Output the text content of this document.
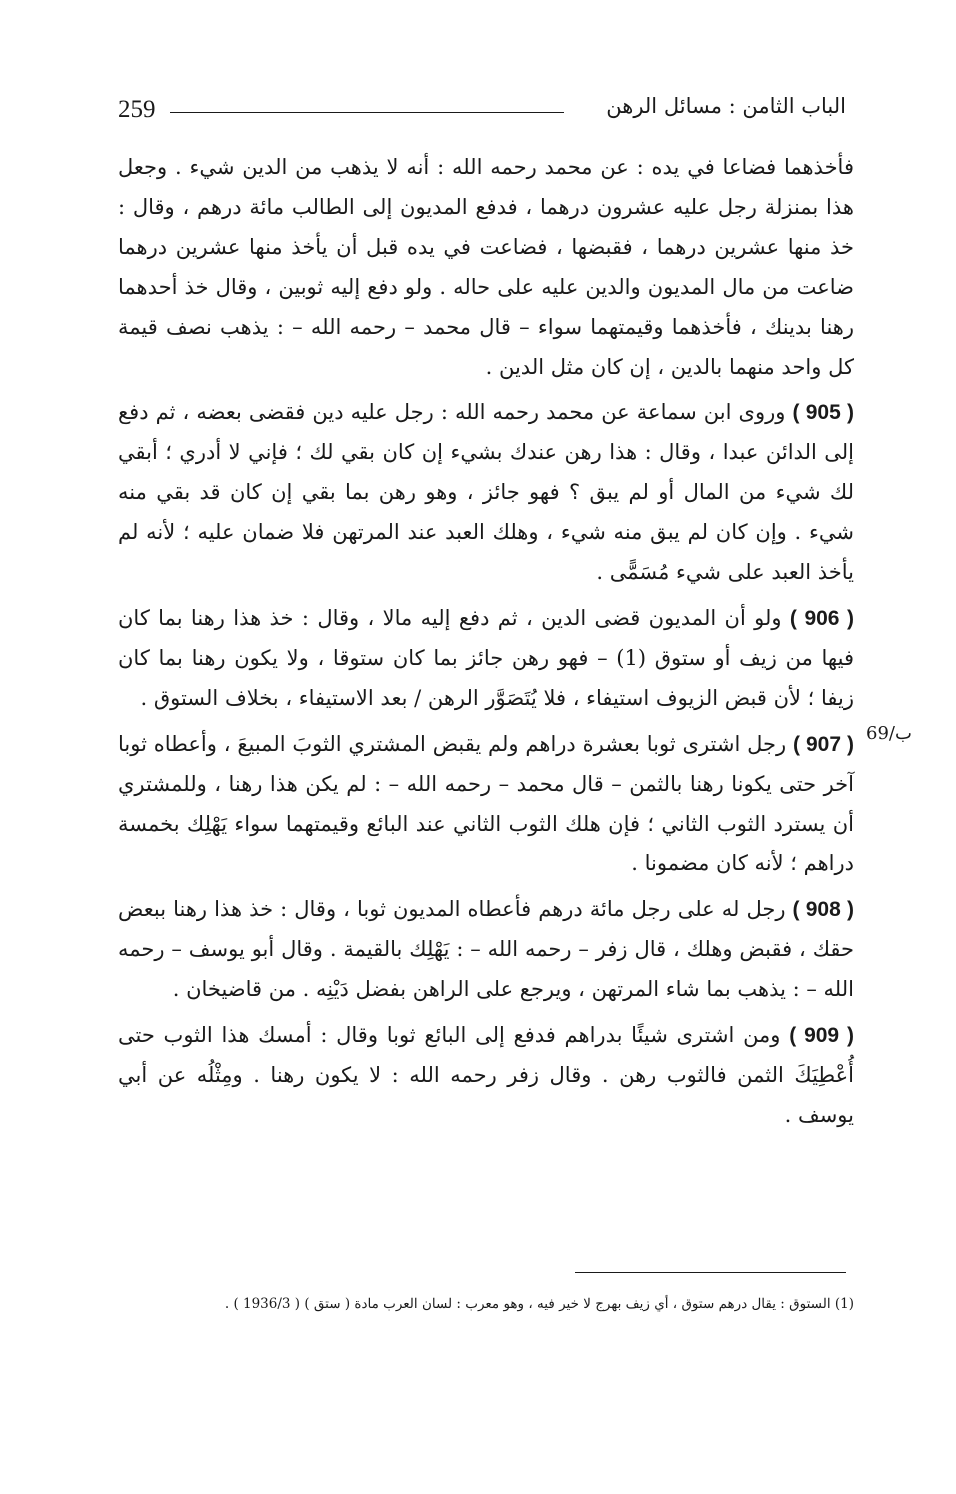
259	الباب الثامن : مسائل الرهن

فأخذهما فضاعا في يده : عن محمد رحمه الله : أنه لا يذهب من الدين شيء . وجعل هذا بمنزلة رجل عليه عشرون درهما ، فدفع المديون إلى الطالب مائة درهم ، وقال : خذ منها عشرين درهما ، فقبضها ، فضاعت في يده قبل أن يأخذ منها عشرين درهما ضاعت من مال المديون والدين عليه على حاله . ولو دفع إليه ثوبين ، وقال خذ أحدهما رهنا بدينك ، فأخذهما وقيمتهما سواء – قال محمد – رحمه الله – : يذهب نصف قيمة كل واحد منهما بالدين ، إن كان مثل الدين .

( 905 ) وروى ابن سماعة عن محمد رحمه الله : رجل عليه دين فقضى بعضه ، ثم دفع إلى الدائن عبدا ، وقال : هذا رهن عندك بشيء إن كان بقي لك ؛ فإني لا أدري ؛ أبقي لك شيء من المال أو لم يبق ؟ فهو جائز ، وهو رهن بما بقي إن كان قد بقي منه شيء . وإن كان لم يبق منه شيء ، وهلك العبد عند المرتهن فلا ضمان عليه ؛ لأنه لم يأخذ العبد على شيء مُسَمًّى .

( 906 ) ولو أن المديون قضى الدين ، ثم دفع إليه مالا ، وقال : خذ هذا رهنا بما كان فيها من زيف أو ستوق (1) – فهو رهن جائز بما كان ستوقا ، ولا يكون رهنا بما كان زيفا ؛ لأن قبض الزيوف استيفاء ، فلا يُتَصَوَّر الرهن / بعد الاستيفاء ، بخلاف الستوق .

( 907 ) رجل اشترى ثوبا بعشرة دراهم ولم يقبض المشتري الثوبَ المبيعَ ، وأعطاه ثوبا آخر حتى يكونا رهنا بالثمن – قال محمد – رحمه الله – : لم يكن هذا رهنا ، وللمشتري أن يسترد الثوب الثاني ؛ فإن هلك الثوب الثاني عند البائع وقيمتهما سواء يَهْلِك بخمسة دراهم ؛ لأنه كان مضمونا .

( 908 ) رجل له على رجل مائة درهم فأعطاه المديون ثوبا ، وقال : خذ هذا رهنا ببعض حقك ، فقبض وهلك ، قال زفر – رحمه الله – : يَهْلِك بالقيمة . وقال أبو يوسف – رحمه الله – : يذهب بما شاء المرتهن ، ويرجع على الراهن بفضل دَيْنِه . من قاضيخان .

( 909 ) ومن اشترى شيئًا بدراهم فدفع إلى البائع ثوبا وقال : أمسك هذا الثوب حتى أُعْطِيَكَ الثمن فالثوب رهن . وقال زفر رحمه الله : لا يكون رهنا . ومِثْلُه عن أبي يوسف .

69/ب
(1) الستوق : يقال درهم ستوق ، أي زيف بهرج لا خير فيه ، وهو معرب : لسان العرب مادة ( ستق ) ( 1936/3 ) .
